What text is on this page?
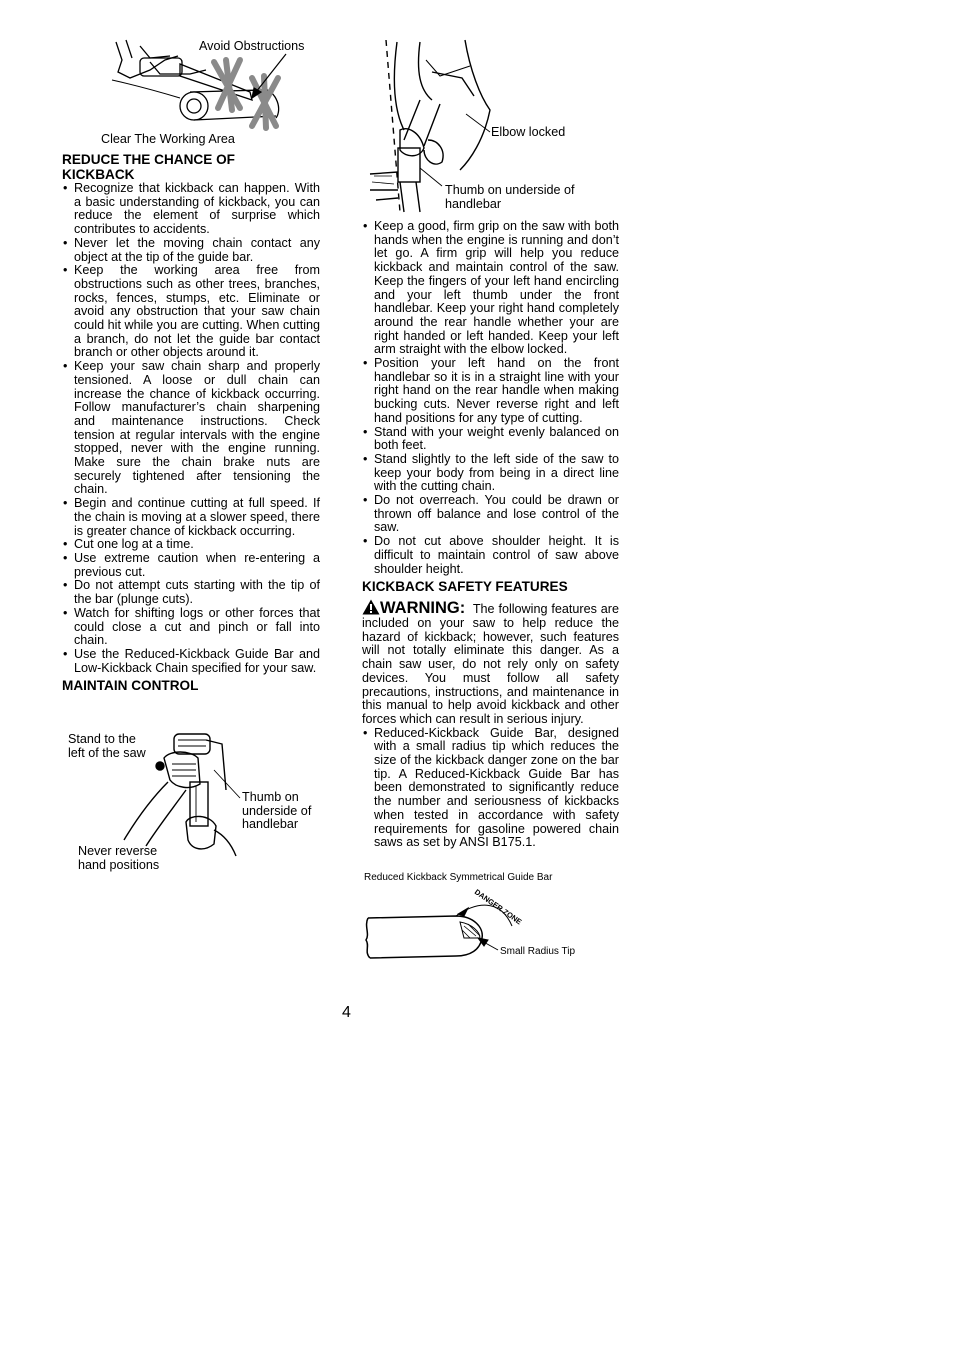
Avoid Obstructions
Clear The Working Area	Elbow locked
Thumb on underside of
handlebar
REDUCE THE CHANCE OF
KICKBACK
• Recognize that kickback can happen. With a basic understanding of kickback, you can reduce the element of surprise which contributes to accidents.
• Never let the moving chain contact any object at the tip of the guide bar.
• Keep the working area free from obstructions such as other trees, branches, rocks, fences, stumps, etc. Eliminate or avoid any obstruction that your saw chain could hit while you are cutting. When cutting a branch, do not let the guide bar contact branch or other objects around it.
• Keep your saw chain sharp and properly tensioned. A loose or dull chain can increase the chance of kickback occurring. Follow manufacturer’s chain sharpening and maintenance instructions. Check tension at regular intervals with the engine stopped, never with the engine running. Make sure the chain brake nuts are securely tightened after tensioning the chain.
• Begin and continue cutting at full speed. If the chain is moving at a slower speed, there is greater chance of kickback occurring.
• Cut one log at a time.
• Use extreme caution when re-entering a previous cut.
• Do not attempt cuts starting with the tip of the bar (plunge cuts).
• Watch for shifting logs or other forces that could close a cut and pinch or fall into chain.
• Use the Reduced-Kickback Guide Bar and Low-Kickback Chain specified for your saw.
MAINTAIN CONTROL
Stand to the
left of the saw
Thumb on
underside of
handlebar
Never reverse
hand positions
• Keep a good, firm grip on the saw with both hands when the engine is running and don’t let go. A firm grip will help you reduce kickback and maintain control of the saw. Keep the fingers of your left hand encircling and your left thumb under the front handlebar. Keep your right hand completely around the rear handle whether your are right handed or left handed. Keep your left arm straight with the elbow locked.
• Position your left hand on the front handlebar so it is in a straight line with your right hand on the rear handle when making bucking cuts. Never reverse right and left hand positions for any type of cutting.
• Stand with your weight evenly balanced on both feet.
• Stand slightly to the left side of the saw to keep your body from being in a direct line with the cutting chain.
• Do not overreach. You could be drawn or thrown off balance and lose control of the saw.
• Do not cut above shoulder height. It is difficult to maintain control of saw above shoulder height.
KICKBACK SAFETY FEATURES

WARNING: The following features are included on your saw to help reduce the hazard of kickback; however, such features will not totally eliminate this danger. As a chain saw user, do not rely only on safety devices. You must follow all safety precautions, instructions, and maintenance in this manual to help avoid kickback and other forces which can result in serious injury.

• Reduced-Kickback Guide Bar, designed with a small radius tip which reduces the size of the kickback danger zone on the bar tip. A Reduced-Kickback Guide Bar has been demonstrated to significantly reduce the number and seriousness of kickbacks when tested in accordance with safety requirements for gasoline powered chain saws as set by ANSI B175.1.
Reduced Kickback Symmetrical Guide Bar
DANGER ZONE
Small Radius Tip
4
